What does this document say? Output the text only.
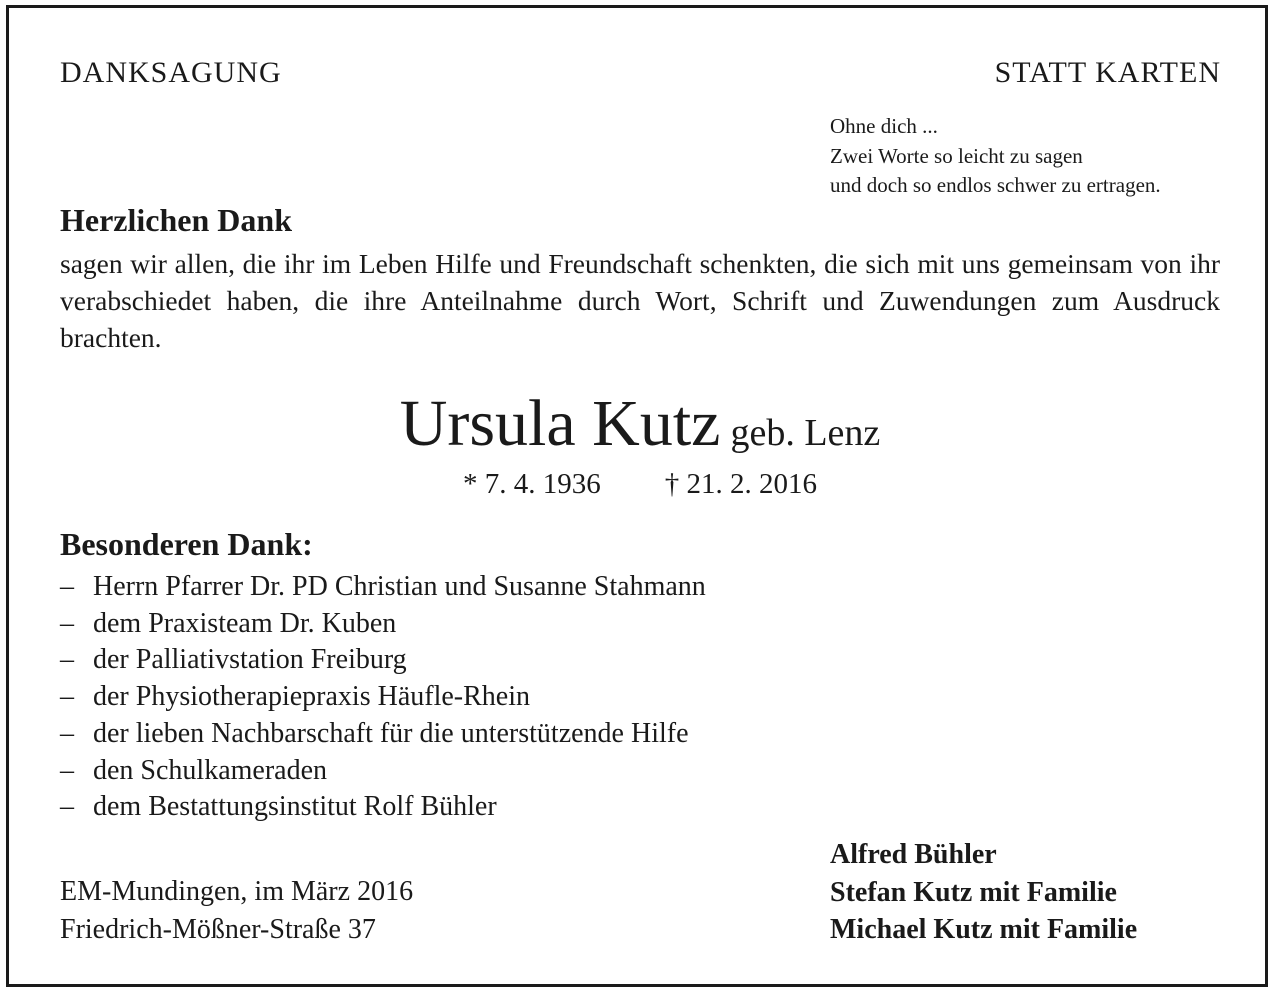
DANKSAGUNG	STATT KARTEN
Ohne dich ...
Zwei Worte so leicht zu sagen
und doch so endlos schwer zu ertragen.
Herzlichen Dank
sagen wir allen, die ihr im Leben Hilfe und Freundschaft schenkten, die sich mit uns gemeinsam von ihr verabschiedet haben, die ihre Anteilnahme durch Wort, Schrift und Zuwendungen zum Ausdruck brachten.
Ursula Kutz geb. Lenz
* 7. 4. 1936 † 21. 2. 2016
Besonderen Dank:
– Herrn Pfarrer Dr. PD Christian und Susanne Stahmann
– dem Praxisteam Dr. Kuben
– der Palliativstation Freiburg
– der Physiotherapiepraxis Häufle-Rhein
– der lieben Nachbarschaft für die unterstützende Hilfe
– den Schulkameraden
– dem Bestattungsinstitut Rolf Bühler
Alfred Bühler
Stefan Kutz mit Familie
Michael Kutz mit Familie
EM-Mundingen, im März 2016
Friedrich-Mößner-Straße 37
